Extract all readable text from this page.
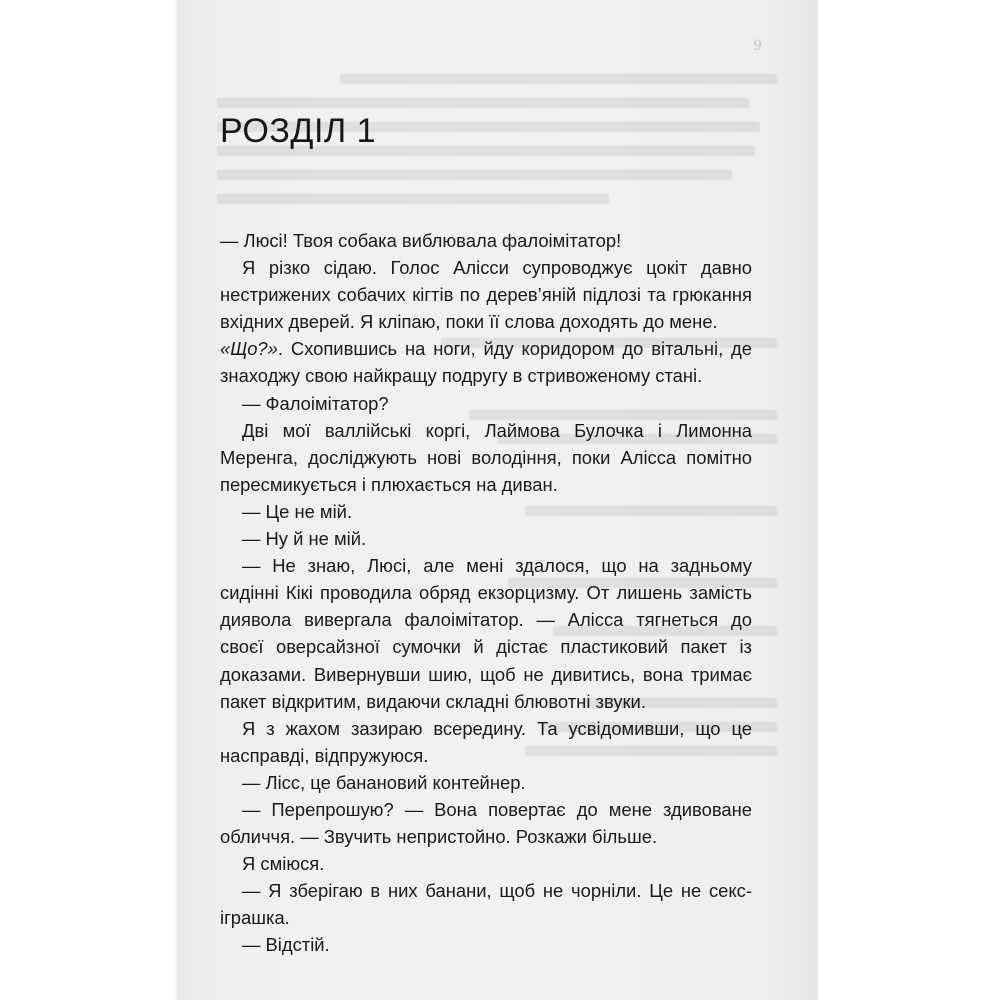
9
РОЗДІЛ 1

— Люсі! Твоя собака виблювала фалоімітатор!

Я різко сідаю. Голос Алісси супроводжує цокіт давно нестрижених собачих кігтів по дерев’яній підлозі та грюкання вхідних дверей. Я кліпаю, поки її слова доходять до мене.

«Що?». Схопившись на ноги, йду коридором до вітальні, де знаходжу свою найкращу подругу в стривоженому стані.

— Фалоімітатор?

Дві мої валлійські коргі, Лаймова Булочка і Лимонна Меренга, досліджують нові володіння, поки Алісса помітно пересмикується і плюхається на диван.

— Це не мій.

— Ну й не мій.

— Не знаю, Люсі, але мені здалося, що на задньому сидінні Кікі проводила обряд екзорцизму. От лишень замість диявола вивергала фалоімітатор. — Алісса тягнеться до своєї оверсайзної сумочки й дістає пластиковий пакет із доказами. Вивернувши шию, щоб не дивитись, вона тримає пакет відкритим, видаючи складні блювотні звуки.

Я з жахом зазираю всередину. Та усвідомивши, що це насправді, відпружуюся.

— Лісс, це банановий контейнер.

— Перепрошую? — Вона повертає до мене здивоване обличчя. — Звучить непристойно. Розкажи більше.

Я сміюся.

— Я зберігаю в них банани, щоб не чорніли. Це не секс-іграшка.

— Відстій.
